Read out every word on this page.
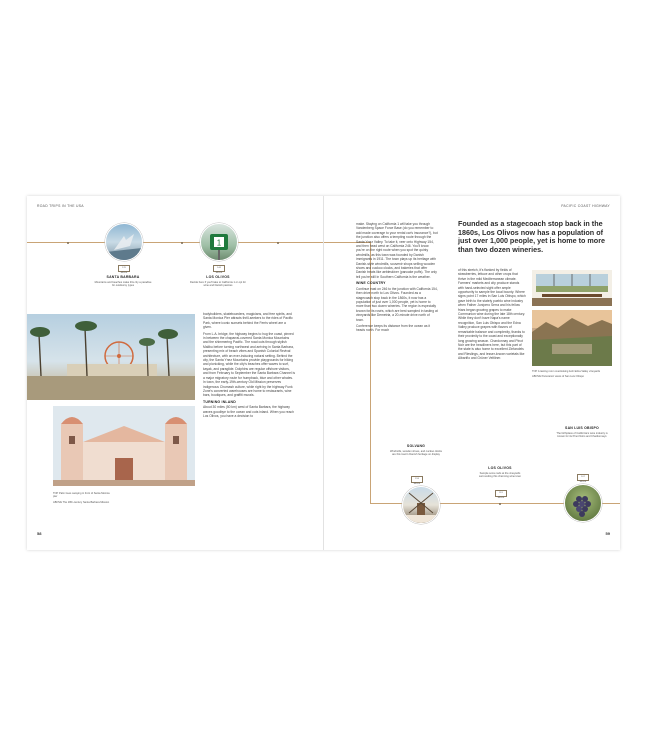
ROAD TRIPS IN THE USA
170 MILES
SANTA BARBARA
Mountains and beaches make this city a paradise for outdoorsy types
1
144 MILES
LOS OLIVOS
Decide here if you'll take to California 1 or opt for wine and Danish pastries
TOP Palm trees swaying in front of Santa Monica pier
ABOVE The 18th-century Santa Barbara Mission

bodybuilders, skateboarders, magicians, and free spirits, and Santa Monica Pier attracts thrill-seekers to the rides of Pacific Park, where iconic sunsets behind the Ferris wheel are a given.

From L.A. bridge, the highway begins to hug the coast, pinned in between the chaparral-covered Santa Monica Mountains and the shimmering Pacific. The road cuts through stylish Malibu before turning northwest and arriving in Santa Barbara, presenting mix of beach vibes and Spanish Colonial Revival architecture, with an ever-inducing natural setting. Behind the city, the Santa Ynez Mountains provide playgrounds for hiking and picnicking, while the city's beaches offer waves to surf, kayak, and paraglide. Dolphins are regular offshore visitors, and from February to September the Santa Barbara Channel is a major migratory route for humpback, blue and other whales. In town, the early-19th-century Old Mission preserves indigenous Chumash culture, while right by the highway Funk Zone's converted warehouses are home to restaurants, wine bars, boutiques, and graffiti murals.

TURNING INLAND

About 30 miles (50 km) west of Santa Barbara, the highway waves goodbye to the ocean and cuts inland. When you reach Los Olivos, you have a decision to

58
PACIFIC COAST HIGHWAY

make. Staying on California 1 will take you through Vandenberg Space Force Base (do you remember to add made coverage to your rental car's insurance?), but the junction also offers a tempting route through the Santa Ynez Valley. To take it, veer onto Highway 154, and then head west on California 246. You'll know you're on the right route when you spot the quirky windmills, as this town was founded by Danish immigrants in 1911. The town plays up its heritage with Danish-style windmills, souvenir shops selling wooden shoes and cuckoo clocks, and bakeries that offer Danish treats like aebleskiver (pancake puffs). The only tell you're still in Southern California is the weather.

WINE COUNTRY

Continue east on 246 to the junction with California 154, then drive north to Los Olivos. Founded as a stagecoach stop back in the 1860s, it now has a population of just over 1,000 people, yet is home to more than two dozen wineries. The region is especially known for its rosés, which are best sampled in tasting at vineyards like Demetria, a 20-minute drive north of town.

Conference keeps its distance from the ocean as it heads north. For much

Founded as a stagecoach stop back in the 1860s, Los Olivos now has a population of just over 1,000 people, yet is home to more than two dozen wineries.

of this stretch, it's flanked by fields of strawberries, lettuce and other crops that thrive in the mild Mediterranean climate. Farmers' markets and city produce stands with hand-selected sight offer ample opportunity to sample the local bounty. Where signs point 17 miles in San Luis Obispo, which gave birth to the stately pueblo wine industry when Father Junípero Serra and his fellow friars began growing grapes to make Communion wine during the late 18th century. While they don't have Napa's name recognition, San Luis Obispo and the Edna Valley produce grapes with flavors of remarkable balance and complexity, thanks to their proximity to the coast and exceptionally long growing season. Chardonnay and Pinot Noir are the headliners here, but this part of the state is also home to excellent Zinfandels and Rieslings, and lesser-known varietals like Albariño and Grüner Veltliner.

TOP A tasting room overlooking lush Edna Valley vineyards
ABOVE Panoramic views of San Luis Obispo
SOLVANG
Windmills, wooden shoes, and cuckoo clocks are this town's Danish heritage on display
153 MILES
LOS OLIVOS
Sample some reds at the vineyards surrounding this charming wine town
119 MILES
SAN LUIS OBISPO
The birthplace of California's wine industry is known for its Pinot Noirs and Chardonnays
107 MILES
59
